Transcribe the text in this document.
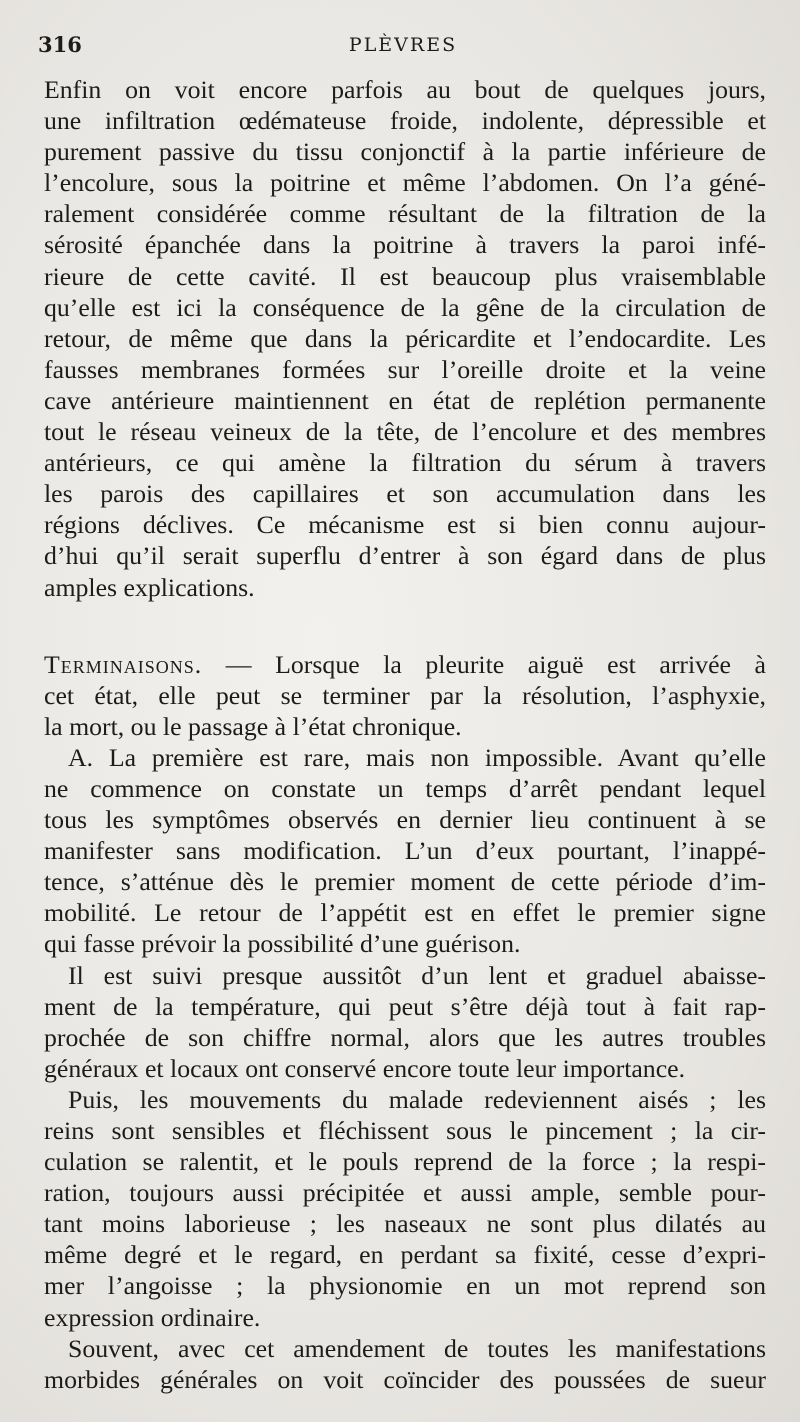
316	PLÈVRES
Enfin on voit encore parfois au bout de quelques jours,
une infiltration œdémateuse froide, indolente, dépressible et
purement passive du tissu conjonctif à la partie inférieure de
l’encolure, sous la poitrine et même l’abdomen. On l’a géné-
ralement considérée comme résultant de la filtration de la
sérosité épanchée dans la poitrine à travers la paroi infé-
rieure de cette cavité. Il est beaucoup plus vraisemblable
qu’elle est ici la conséquence de la gêne de la circulation de
retour, de même que dans la péricardite et l’endocardite. Les
fausses membranes formées sur l’oreille droite et la veine
cave antérieure maintiennent en état de replétion permanente
tout le réseau veineux de la tête, de l’encolure et des membres
antérieurs, ce qui amène la filtration du sérum à travers
les parois des capillaires et son accumulation dans les
régions déclives. Ce mécanisme est si bien connu aujour-
d’hui qu’il serait superflu d’entrer à son égard dans de plus
amples explications.
Terminaisons. — Lorsque la pleurite aiguë est arrivée à
cet état, elle peut se terminer par la résolution, l’asphyxie,
la mort, ou le passage à l’état chronique.
A. La première est rare, mais non impossible. Avant qu’elle
ne commence on constate un temps d’arrêt pendant lequel
tous les symptômes observés en dernier lieu continuent à se
manifester sans modification. L’un d’eux pourtant, l’inappé-
tence, s’atténue dès le premier moment de cette période d’im-
mobilité. Le retour de l’appétit est en effet le premier signe
qui fasse prévoir la possibilité d’une guérison.
Il est suivi presque aussitôt d’un lent et graduel abaisse-
ment de la température, qui peut s’être déjà tout à fait rap-
prochée de son chiffre normal, alors que les autres troubles
généraux et locaux ont conservé encore toute leur importance.
Puis, les mouvements du malade redeviennent aisés ; les
reins sont sensibles et fléchissent sous le pincement ; la cir-
culation se ralentit, et le pouls reprend de la force ; la respi-
ration, toujours aussi précipitée et aussi ample, semble pour-
tant moins laborieuse ; les naseaux ne sont plus dilatés au
même degré et le regard, en perdant sa fixité, cesse d’expri-
mer l’angoisse ; la physionomie en un mot reprend son
expression ordinaire.
Souvent, avec cet amendement de toutes les manifestations
morbides générales on voit coïncider des poussées de sueur
